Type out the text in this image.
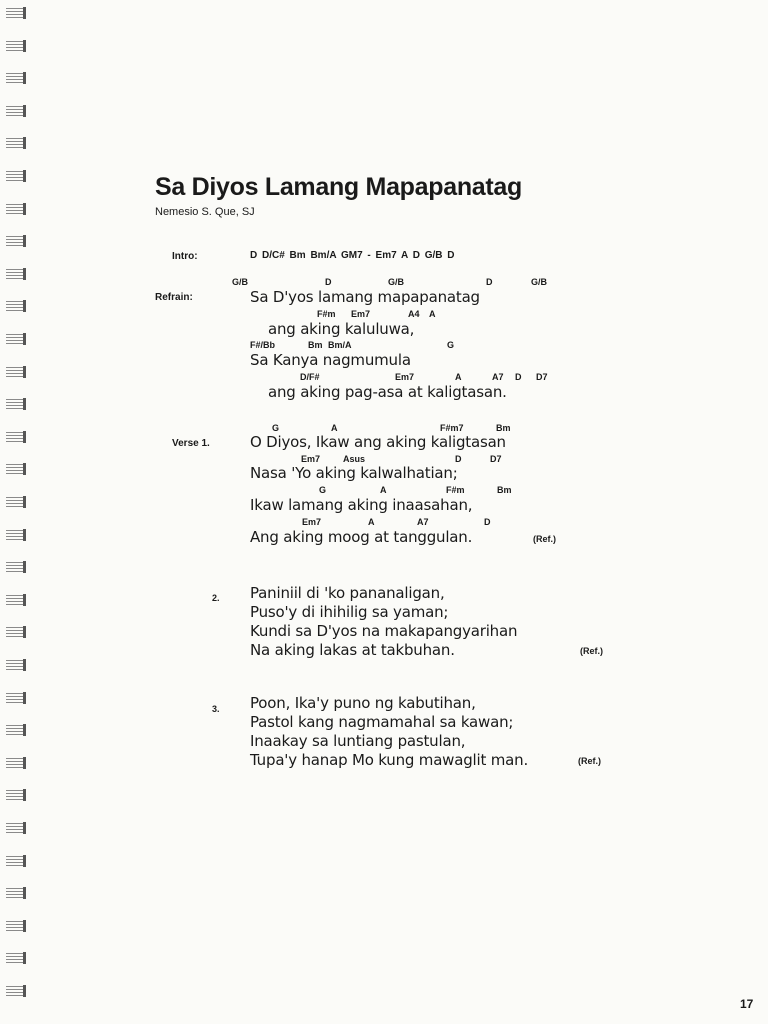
Sa Diyos Lamang Mapapanatag
Nemesio S. Que, SJ
Intro:	D D/C# Bm Bm/A GM7 - Em7 A D G/B D
Refrain:
G/B	D	G/B	D	G/B
Sa D'yos lamang mapapanatag
F#m Em7	A4 A
ang aking kaluluwa,
F#/Bb	Bm Bm/A	G
Sa Kanya nagmumula
D/F#	Em7	A	A7 D D7
ang aking pag-asa at kaligtasan.
Verse 1.
G	A	F#m7	Bm
O Diyos, Ikaw ang aking kaligtasan
Em7	Asus	D	D7
Nasa 'Yo aking kalwalhatian;
G	A	F#m	Bm
Ikaw lamang aking inaasahan,
Em7	A	A7	D
Ang aking moog at tanggulan.	(Ref.)
2. Paniniil di 'ko pananaligan,
Puso'y di ihihilig sa yaman;
Kundi sa D'yos na makapangyarihan
Na aking lakas at takbuhan.	(Ref.)
3. Poon, Ika'y puno ng kabutihan,
Pastol kang nagmamahal sa kawan;
Inaakay sa luntiang pastulan,
Tupa'y hanap Mo kung mawaglit man.	(Ref.)
17
